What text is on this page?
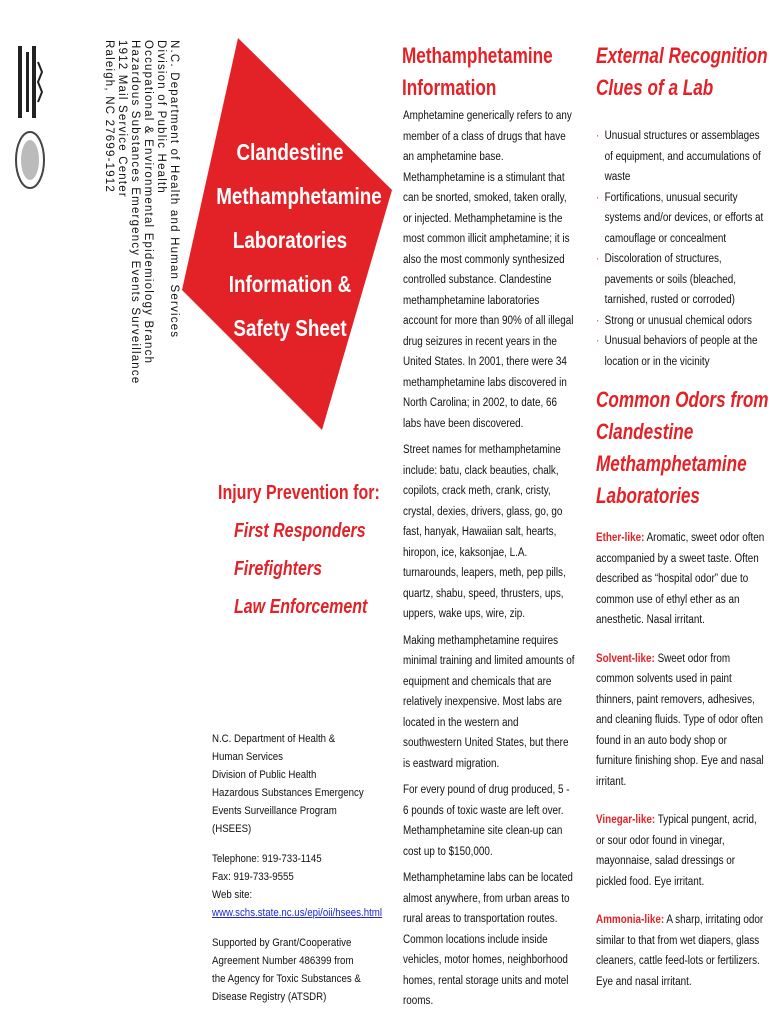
N.C. Department of Health and Human Services
Division of Public Health
Occupational & Environmental Epidemiology Branch
Hazardous Substances Emergency Events Surveillance
1912 Mail Service Center
Raleigh, NC 27699-1912	Clandestine
Methamphetamine
Laboratories
Information &
Safety Sheet
Injury Prevention for:
First Responders
Firefighters
Law Enforcement

N.C. Department of Health & Human Services
Division of Public Health
Hazardous Substances Emergency Events Surveillance Program (HSEES)

Telephone: 919-733-1145
Fax: 919-733-9555
Web site: www.schs.state.nc.us/epi/oii/hsees.html

Supported by Grant/Cooperative Agreement Number 486399 from the Agency for Toxic Substances & Disease Registry (ATSDR)

Methamphetamine
Information

Amphetamine generically refers to any member of a class of drugs that have an amphetamine base. Methamphetamine is a stimulant that can be snorted, smoked, taken orally, or injected. Methamphetamine is the most common illicit amphetamine; it is also the most commonly synthesized controlled substance. Clandestine methamphetamine laboratories account for more than 90% of all illegal drug seizures in recent years in the United States. In 2001, there were 34 methamphetamine labs discovered in North Carolina; in 2002, to date, 66 labs have been discovered.

Street names for methamphetamine include: batu, clack beauties, chalk, copilots, crack meth, crank, cristy, crystal, dexies, drivers, glass, go, go fast, hanyak, Hawaiian salt, hearts, hiropon, ice, kaksonjae, L.A. turnarounds, leapers, meth, pep pills, quartz, shabu, speed, thrusters, ups, uppers, wake ups, wire, zip.

Making methamphetamine requires minimal training and limited amounts of equipment and chemicals that are relatively inexpensive. Most labs are located in the western and southwestern United States, but there is eastward migration.

For every pound of drug produced, 5 - 6 pounds of toxic waste are left over. Methamphetamine site clean-up can cost up to $150,000.

Methamphetamine labs can be located almost anywhere, from urban areas to rural areas to transportation routes. Common locations include inside vehicles, motor homes, neighborhood homes, rental storage units and motel rooms.

External Recognition
Clues of a Lab
· Unusual structures or assemblages of equipment, and accumulations of waste
· Fortifications, unusual security systems and/or devices, or efforts at camouflage or concealment
· Discoloration of structures, pavements or soils (bleached, tarnished, rusted or corroded)
· Strong or unusual chemical odors
· Unusual behaviors of people at the location or in the vicinity
Common Odors from
Clandestine
Methamphetamine
Laboratories

Ether-like: Aromatic, sweet odor often accompanied by a sweet taste. Often described as “hospital odor” due to common use of ethyl ether as an anesthetic. Nasal irritant.

Solvent-like: Sweet odor from common solvents used in paint thinners, paint removers, adhesives, and cleaning fluids. Type of odor often found in an auto body shop or furniture finishing shop. Eye and nasal irritant.

Vinegar-like: Typical pungent, acrid, or sour odor found in vinegar, mayonnaise, salad dressings or pickled food. Eye irritant.

Ammonia-like: A sharp, irritating odor similar to that from wet diapers, glass cleaners, cattle feed-lots or fertilizers. Eye and nasal irritant.
